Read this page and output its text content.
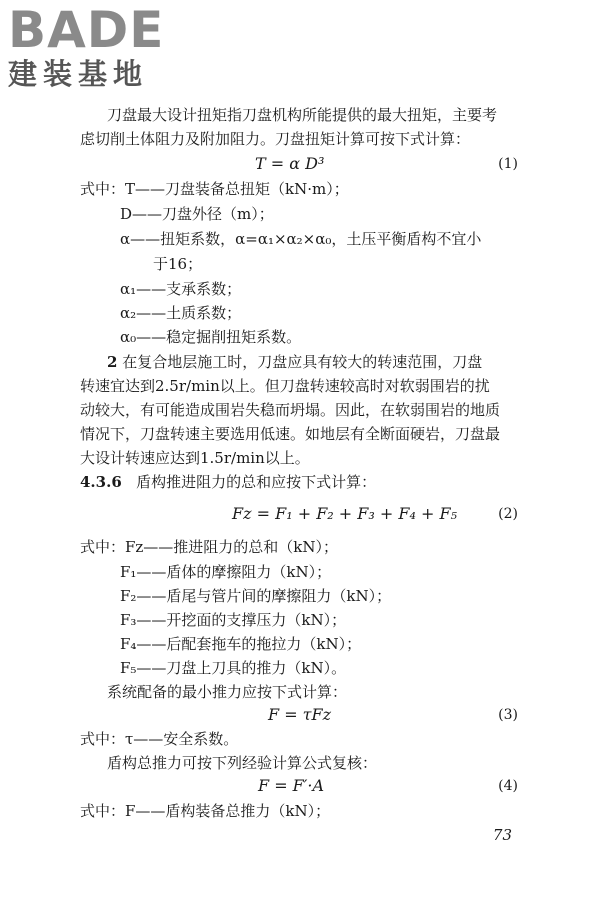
BADE
建装基地
刀盘最大设计扭矩指刀盘机构所能提供的最大扭矩，主要考
虑切削土体阻力及附加阻力。刀盘扭矩计算可按下式计算：
T = α D³	(1)
式中：T——刀盘装备总扭矩（kN·m）；
D——刀盘外径（m）；
α——扭矩系数，α=α₁×α₂×α₀，土压平衡盾构不宜小
于16；
α₁——支承系数；
α₂——土质系数；
α₀——稳定掘削扭矩系数。
2 在复合地层施工时，刀盘应具有较大的转速范围，刀盘
转速宜达到2.5r/min以上。但刀盘转速较高时对软弱围岩的扰
动较大，有可能造成围岩失稳而坍塌。因此，在软弱围岩的地质
情况下，刀盘转速主要选用低速。如地层有全断面硬岩，刀盘最
大设计转速应达到1.5r/min以上。
4.3.6 盾构推进阻力的总和应按下式计算：
Fz = F₁ + F₂ + F₃ + F₄ + F₅	(2)
式中：Fz——推进阻力的总和（kN）；
F₁——盾体的摩擦阻力（kN）；
F₂——盾尾与管片间的摩擦阻力（kN）；
F₃——开挖面的支撑压力（kN）；
F₄——后配套拖车的拖拉力（kN）；
F₅——刀盘上刀具的推力（kN）。
系统配备的最小推力应按下式计算：
F = τFz	(3)
式中：τ——安全系数。
盾构总推力可按下列经验计算公式复核：
F = F′·A	(4)
式中：F——盾构装备总推力（kN）；
73
